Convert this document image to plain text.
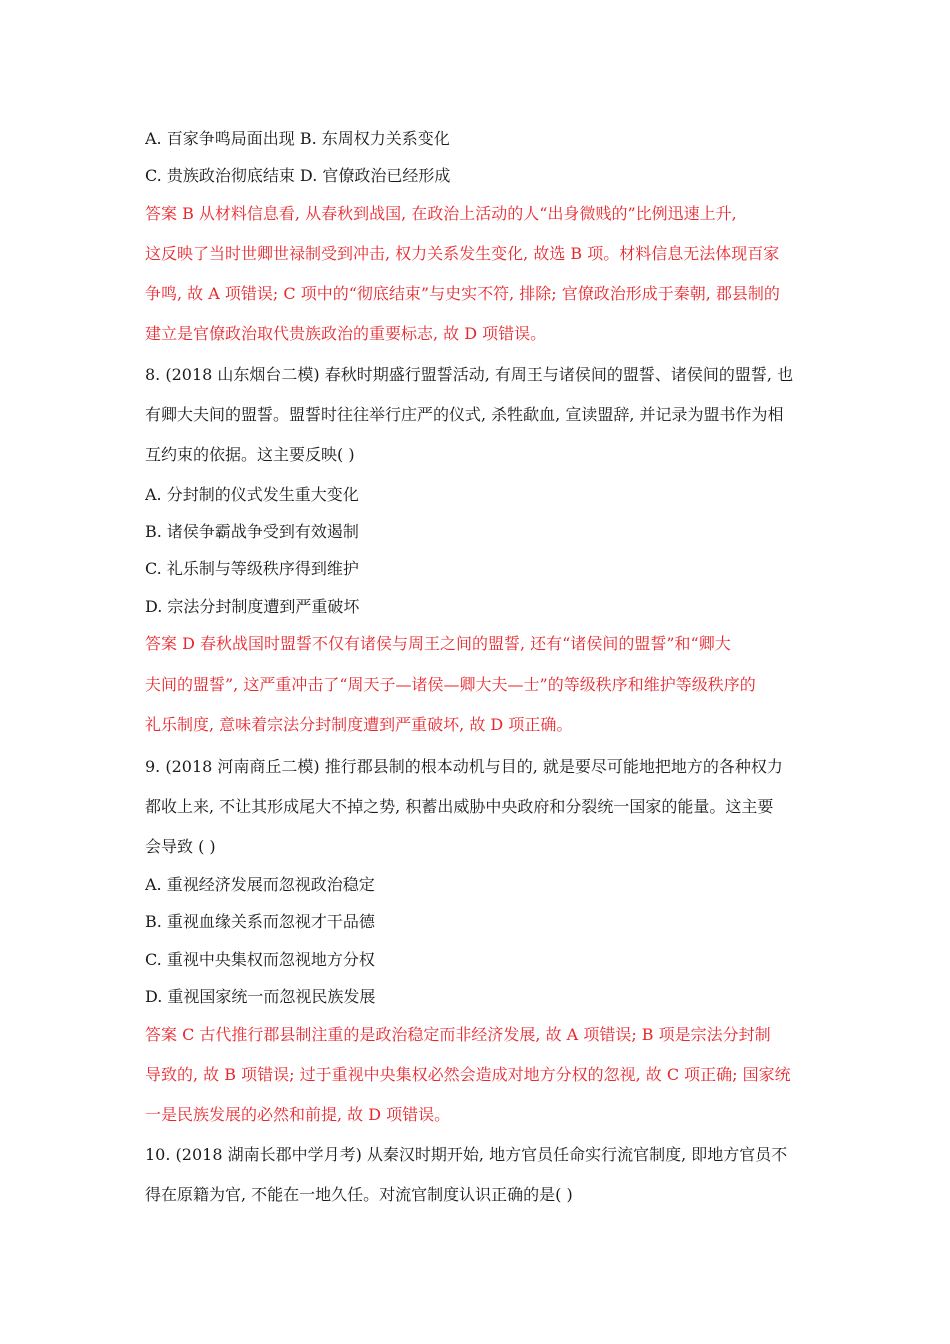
A. 百家争鸣局面出现 B. 东周权力关系变化
C. 贵族政治彻底结束 D. 官僚政治已经形成
答案 B 从材料信息看, 从春秋到战国, 在政治上活动的人“出身微贱的”比例迅速上升,
这反映了当时世卿世禄制受到冲击, 权力关系发生变化, 故选 B 项。材料信息无法体现百家
争鸣, 故 A 项错误; C 项中的“彻底结束”与史实不符, 排除; 官僚政治形成于秦朝, 郡县制的
建立是官僚政治取代贵族政治的重要标志, 故 D 项错误。
8. (2018 山东烟台二模) 春秋时期盛行盟誓活动, 有周王与诸侯间的盟誓、诸侯间的盟誓, 也
有卿大夫间的盟誓。盟誓时往往举行庄严的仪式, 杀牲歃血, 宣读盟辞, 并记录为盟书作为相
互约束的依据。这主要反映( )
A. 分封制的仪式发生重大变化
B. 诸侯争霸战争受到有效遏制
C. 礼乐制与等级秩序得到维护
D. 宗法分封制度遭到严重破坏
答案 D 春秋战国时盟誓不仅有诸侯与周王之间的盟誓, 还有“诸侯间的盟誓”和“卿大
夫间的盟誓”, 这严重冲击了“周天子—诸侯—卿大夫—士”的等级秩序和维护等级秩序的
礼乐制度, 意味着宗法分封制度遭到严重破坏, 故 D 项正确。
9. (2018 河南商丘二模) 推行郡县制的根本动机与目的, 就是要尽可能地把地方的各种权力
都收上来, 不让其形成尾大不掉之势, 积蓄出威胁中央政府和分裂统一国家的能量。这主要
会导致 ( )
A. 重视经济发展而忽视政治稳定
B. 重视血缘关系而忽视才干品德
C. 重视中央集权而忽视地方分权
D. 重视国家统一而忽视民族发展
答案 C 古代推行郡县制注重的是政治稳定而非经济发展, 故 A 项错误; B 项是宗法分封制
导致的, 故 B 项错误; 过于重视中央集权必然会造成对地方分权的忽视, 故 C 项正确; 国家统
一是民族发展的必然和前提, 故 D 项错误。
10. (2018 湖南长郡中学月考) 从秦汉时期开始, 地方官员任命实行流官制度, 即地方官员不
得在原籍为官, 不能在一地久任。对流官制度认识正确的是( )
